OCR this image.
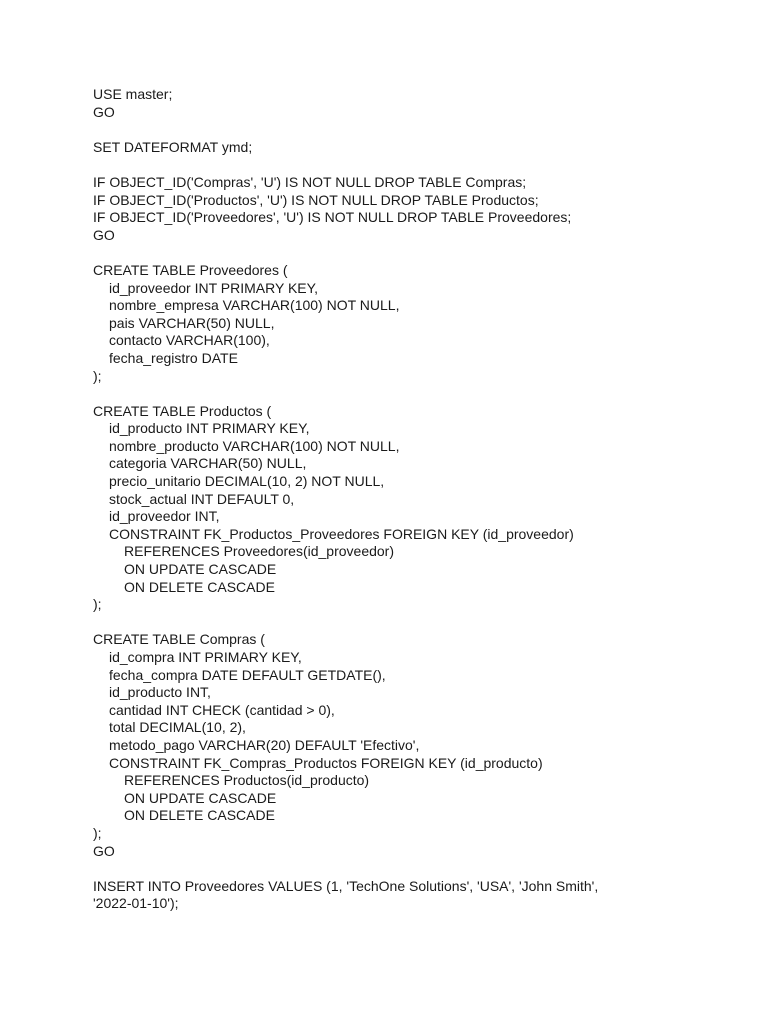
USE master;
GO
SET DATEFORMAT ymd;
IF OBJECT_ID('Compras', 'U') IS NOT NULL DROP TABLE Compras;
IF OBJECT_ID('Productos', 'U') IS NOT NULL DROP TABLE Productos;
IF OBJECT_ID('Proveedores', 'U') IS NOT NULL DROP TABLE Proveedores;
GO
CREATE TABLE Proveedores (
id_proveedor INT PRIMARY KEY,
nombre_empresa VARCHAR(100) NOT NULL,
pais VARCHAR(50) NULL,
contacto VARCHAR(100),
fecha_registro DATE
);
CREATE TABLE Productos (
id_producto INT PRIMARY KEY,
nombre_producto VARCHAR(100) NOT NULL,
categoria VARCHAR(50) NULL,
precio_unitario DECIMAL(10, 2) NOT NULL,
stock_actual INT DEFAULT 0,
id_proveedor INT,
CONSTRAINT FK_Productos_Proveedores FOREIGN KEY (id_proveedor)
REFERENCES Proveedores(id_proveedor)
ON UPDATE CASCADE
ON DELETE CASCADE
);
CREATE TABLE Compras (
id_compra INT PRIMARY KEY,
fecha_compra DATE DEFAULT GETDATE(),
id_producto INT,
cantidad INT CHECK (cantidad > 0),
total DECIMAL(10, 2),
metodo_pago VARCHAR(20) DEFAULT 'Efectivo',
CONSTRAINT FK_Compras_Productos FOREIGN KEY (id_producto)
REFERENCES Productos(id_producto)
ON UPDATE CASCADE
ON DELETE CASCADE
);
GO
INSERT INTO Proveedores VALUES (1, 'TechOne Solutions', 'USA', 'John Smith',
'2022-01-10');
